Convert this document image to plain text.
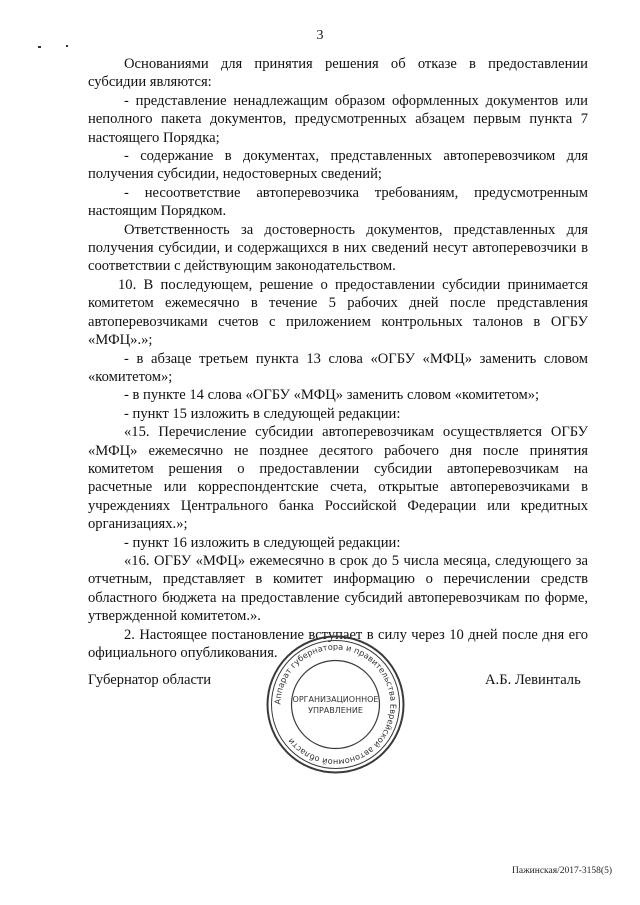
3

Основаниями для принятия решения об отказе в предоставлении субсидии являются:

- представление ненадлежащим образом оформленных документов или неполного пакета документов, предусмотренных абзацем первым пункта 7 настоящего Порядка;

- содержание в документах, представленных автоперевозчиком для получения субсидии, недостоверных сведений;

- несоответствие автоперевозчика требованиям, предусмотренным настоящим Порядком.

Ответственность за достоверность документов, представленных для получения субсидии, и содержащихся в них сведений несут автоперевозчики в соответствии с действующим законодательством.

10. В последующем, решение о предоставлении субсидии принимается комитетом ежемесячно в течение 5 рабочих дней после представления автоперевозчиками счетов с приложением контрольных талонов в ОГБУ «МФЦ».»;

- в абзаце третьем пункта 13 слова «ОГБУ «МФЦ» заменить словом «комитетом»;

- в пункте 14 слова «ОГБУ «МФЦ» заменить словом «комитетом»;

- пункт 15 изложить в следующей редакции:

«15. Перечисление субсидии автоперевозчикам осуществляется ОГБУ «МФЦ» ежемесячно не позднее десятого рабочего дня после принятия комитетом решения о предоставлении субсидии автоперевозчикам на расчетные или корреспондентские счета, открытые автоперевозчиками в учреждениях Центрального банка Российской Федерации или кредитных организациях.»;

- пункт 16 изложить в следующей редакции:

«16. ОГБУ «МФЦ» ежемесячно в срок до 5 числа месяца, следующего за отчетным, представляет в комитет информацию о перечислении средств областного бюджета на предоставление субсидий автоперевозчикам по форме, утвержденной комитетом.».

2. Настоящее постановление вступает в силу через 10 дней после дня его официального опубликования.

Губернатор области	А.Б. Левинталь
Аппарат губернатора и правительства Еврейской автономной области
ОРГАНИЗАЦИОННОЕ
УПРАВЛЕНИЕ
Пажинская/2017-3158(5)
